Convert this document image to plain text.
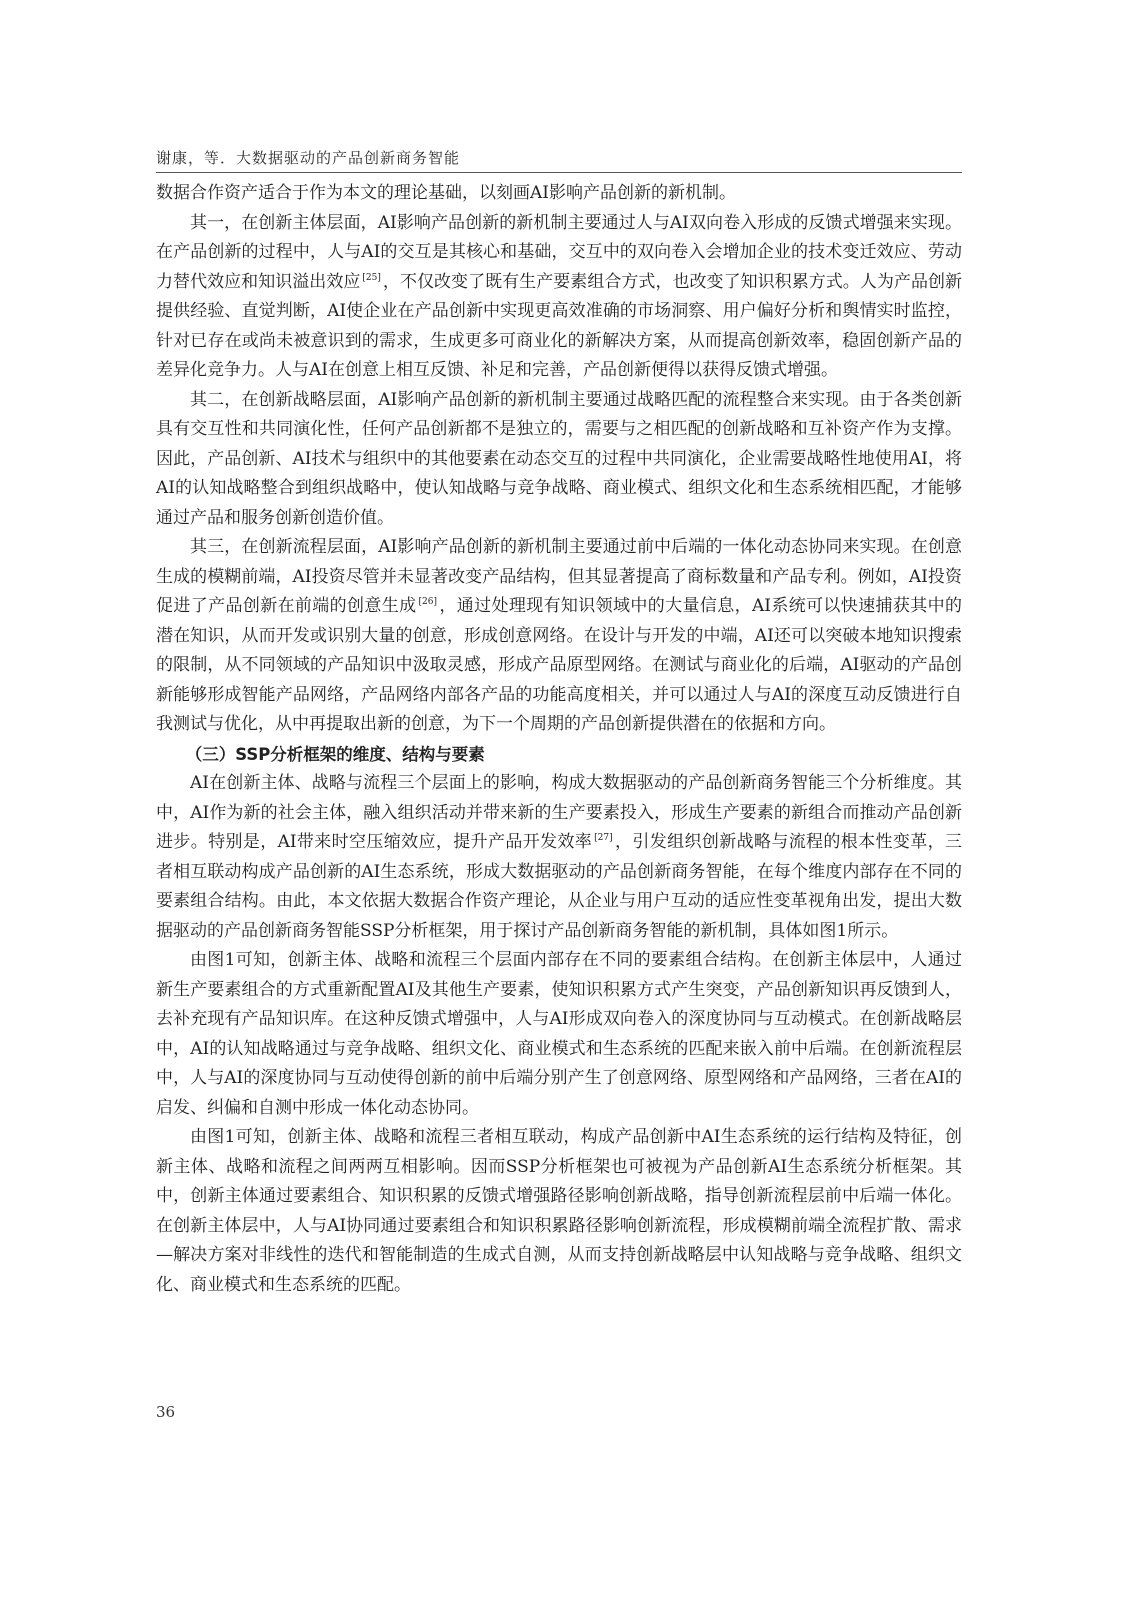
谢康，等．大数据驱动的产品创新商务智能

数据合作资产适合于作为本文的理论基础，以刻画AI影响产品创新的新机制。

其一，在创新主体层面，AI影响产品创新的新机制主要通过人与AI双向卷入形成的反馈式增强来实现。在产品创新的过程中，人与AI的交互是其核心和基础，交互中的双向卷入会增加企业的技术变迁效应、劳动力替代效应和知识溢出效应 [25] ，不仅改变了既有生产要素组合方式，也改变了知识积累方式。人为产品创新提供经验、直觉判断，AI使企业在产品创新中实现更高效准确的市场洞察、用户偏好分析和舆情实时监控，针对已存在或尚未被意识到的需求，生成更多可商业化的新解决方案，从而提高创新效率，稳固创新产品的差异化竞争力。人与AI在创意上相互反馈、补足和完善，产品创新便得以获得反馈式增强。

其二，在创新战略层面，AI影响产品创新的新机制主要通过战略匹配的流程整合来实现。由于各类创新具有交互性和共同演化性，任何产品创新都不是独立的，需要与之相匹配的创新战略和互补资产作为支撑。因此，产品创新、AI技术与组织中的其他要素在动态交互的过程中共同演化，企业需要战略性地使用AI，将AI的认知战略整合到组织战略中，使认知战略与竞争战略、商业模式、组织文化和生态系统相匹配，才能够通过产品和服务创新创造价值。

其三，在创新流程层面，AI影响产品创新的新机制主要通过前中后端的一体化动态协同来实现。在创意生成的模糊前端，AI投资尽管并未显著改变产品结构，但其显著提高了商标数量和产品专利。例如，AI投资促进了产品创新在前端的创意生成 [26] ，通过处理现有知识领域中的大量信息，AI系统可以快速捕获其中的潜在知识，从而开发或识别大量的创意，形成创意网络。在设计与开发的中端，AI还可以突破本地知识搜索的限制，从不同领域的产品知识中汲取灵感，形成产品原型网络。在测试与商业化的后端，AI驱动的产品创新能够形成智能产品网络，产品网络内部各产品的功能高度相关，并可以通过人与AI的深度互动反馈进行自我测试与优化，从中再提取出新的创意，为下一个周期的产品创新提供潜在的依据和方向。

（三）SSP分析框架的维度、结构与要素

AI在创新主体、战略与流程三个层面上的影响，构成大数据驱动的产品创新商务智能三个分析维度。其中，AI作为新的社会主体，融入组织活动并带来新的生产要素投入，形成生产要素的新组合而推动产品创新进步。特别是，AI带来时空压缩效应，提升产品开发效率 [27] ，引发组织创新战略与流程的根本性变革，三者相互联动构成产品创新的AI生态系统，形成大数据驱动的产品创新商务智能，在每个维度内部存在不同的要素组合结构。由此，本文依据大数据合作资产理论，从企业与用户互动的适应性变革视角出发，提出大数据驱动的产品创新商务智能SSP分析框架，用于探讨产品创新商务智能的新机制，具体如图1所示。

由图1可知，创新主体、战略和流程三个层面内部存在不同的要素组合结构。在创新主体层中，人通过新生产要素组合的方式重新配置AI及其他生产要素，使知识积累方式产生突变，产品创新知识再反馈到人，去补充现有产品知识库。在这种反馈式增强中，人与AI形成双向卷入的深度协同与互动模式。在创新战略层中，AI的认知战略通过与竞争战略、组织文化、商业模式和生态系统的匹配来嵌入前中后端。在创新流程层中，人与AI的深度协同与互动使得创新的前中后端分别产生了创意网络、原型网络和产品网络，三者在AI的启发、纠偏和自测中形成一体化动态协同。

由图1可知，创新主体、战略和流程三者相互联动，构成产品创新中AI生态系统的运行结构及特征，创新主体、战略和流程之间两两互相影响。因而SSP分析框架也可被视为产品创新AI生态系统分析框架。其中，创新主体通过要素组合、知识积累的反馈式增强路径影响创新战略，指导创新流程层前中后端一体化。在创新主体层中，人与AI协同通过要素组合和知识积累路径影响创新流程，形成模糊前端全流程扩散、需求—解决方案对非线性的迭代和智能制造的生成式自测，从而支持创新战略层中认知战略与竞争战略、组织文化、商业模式和生态系统的匹配。

36
